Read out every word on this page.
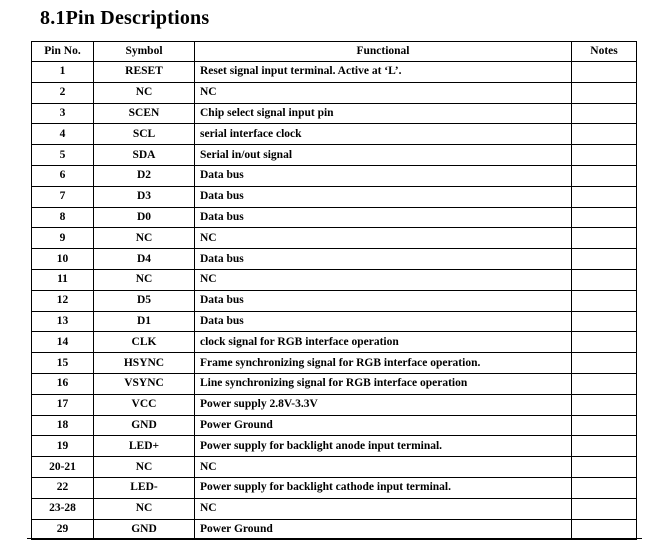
8.1Pin Descriptions
Pin No.	Symbol	Functional	Notes
1	RESET	Reset signal input terminal. Active at ‘L’.	
2	NC	NC	
3	SCEN	Chip select signal input pin	
4	SCL	serial interface clock	
5	SDA	Serial in/out signal	
6	D2	Data bus	
7	D3	Data bus	
8	D0	Data bus	
9	NC	NC	
10	D4	Data bus	
11	NC	NC	
12	D5	Data bus	
13	D1	Data bus	
14	CLK	clock signal for RGB interface operation	
15	HSYNC	Frame synchronizing signal for RGB interface operation.	
16	VSYNC	Line synchronizing signal for RGB interface operation	
17	VCC	Power supply 2.8V-3.3V	
18	GND	Power Ground	
19	LED+	Power supply for backlight anode input terminal.	
20-21	NC	NC	
22	LED-	Power supply for backlight cathode input terminal.	
23-28	NC	NC	
29	GND	Power Ground	
